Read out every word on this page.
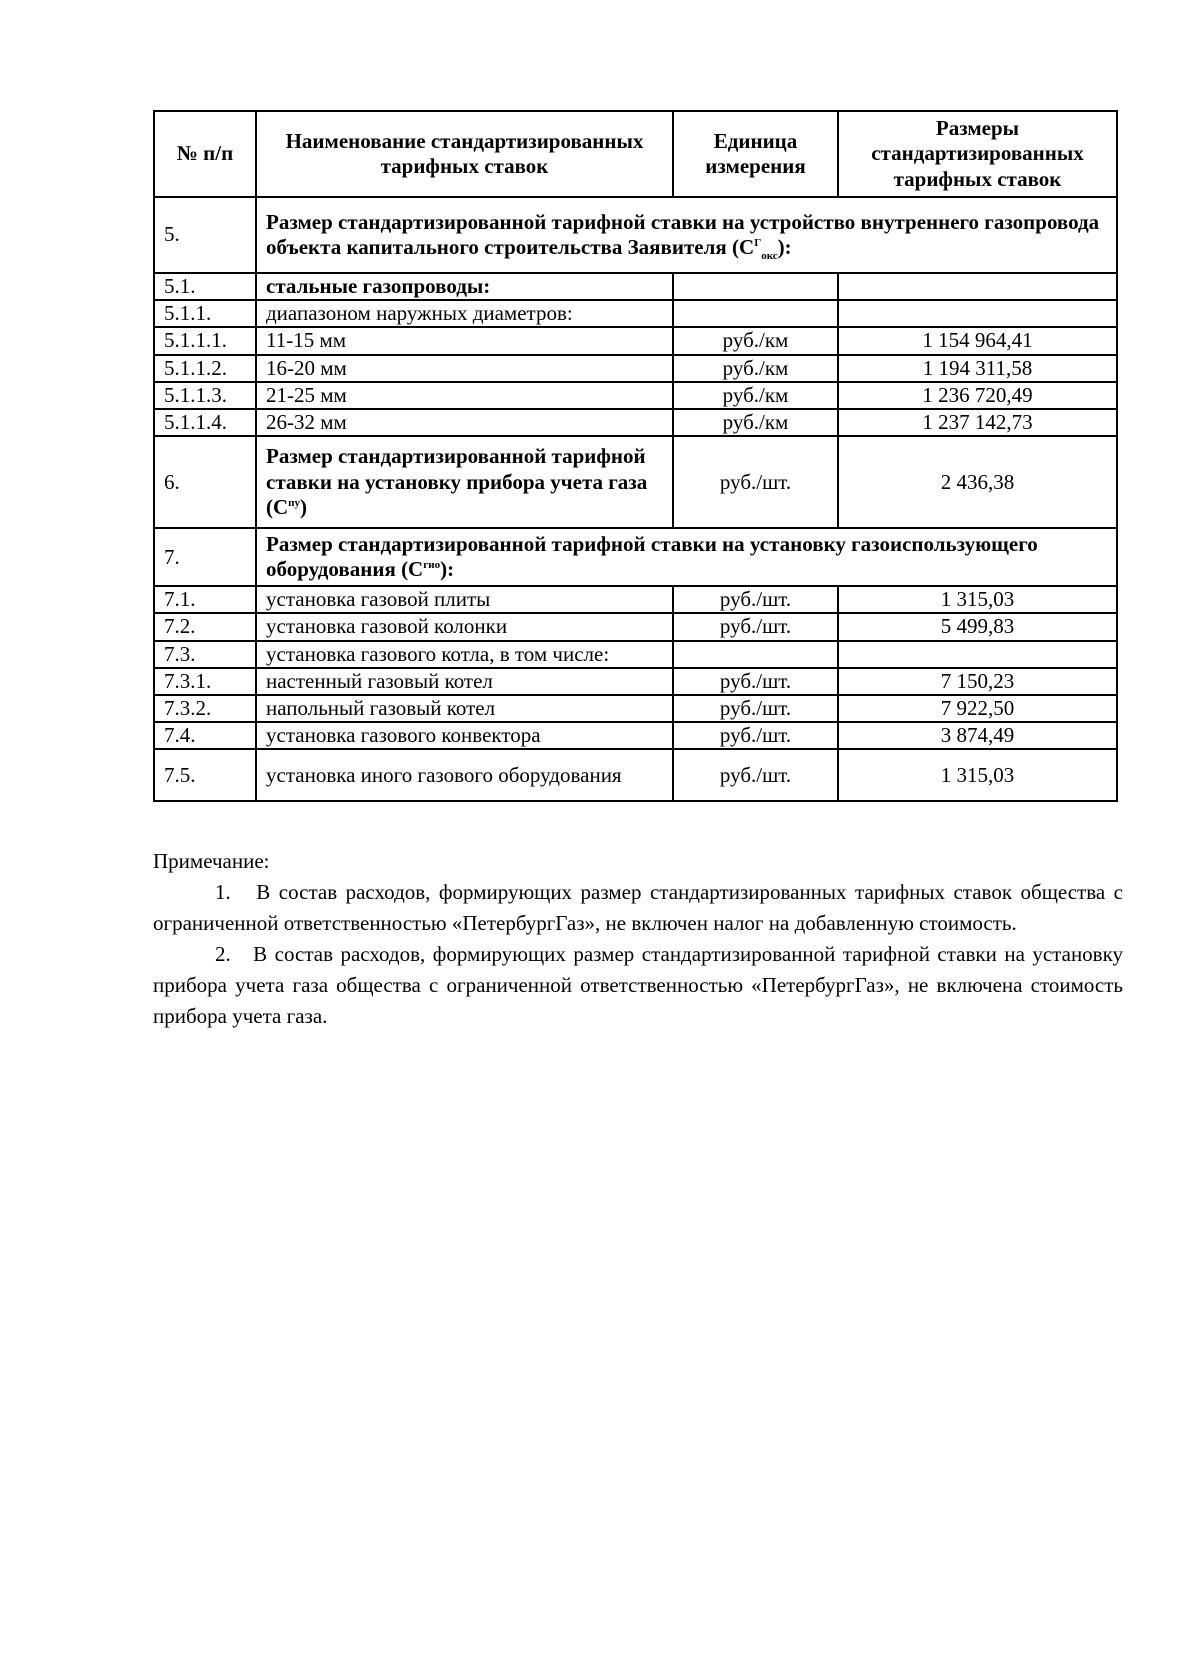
№ п/п	Наименование стандартизированных тарифных ставок	Единица измерения	Размеры стандартизированных тарифных ставок
5.	Размер стандартизированной тарифной ставки на устройство внутреннего газопровода объекта капитального строительства Заявителя $(C^Г_{окс})$:		
5.1.	стальные газопроводы:		
5.1.1.	диапазоном наружных диаметров:		
5.1.1.1.	11-15 мм	руб./км	1 154 964,41
5.1.1.2.	16-20 мм	руб./км	1 194 311,58
5.1.1.3.	21-25 мм	руб./км	1 236 720,49
5.1.1.4.	26-32 мм	руб./км	1 237 142,73
6.	Размер стандартизированной тарифной ставки на установку прибора учета газа $(С^{пу})$	руб./шт.	2 436,38
7.	Размер стандартизированной тарифной ставки на установку газоиспользующего оборудования $(С^{гио})$:		
7.1.	установка газовой плиты	руб./шт.	1 315,03
7.2.	установка газовой колонки	руб./шт.	5 499,83
7.3.	установка газового котла, в том числе:		
7.3.1.	настенный газовый котел	руб./шт.	7 150,23
7.3.2.	напольный газовый котел	руб./шт.	7 922,50
7.4.	установка газового конвектора	руб./шт.	3 874,49
7.5.	установка иного газового оборудования	руб./шт.	1 315,03

Примечание:

1. В состав расходов, формирующих размер стандартизированных тарифных ставок общества с ограниченной ответственностью «ПетербургГаз», не включен налог на добавленную стоимость.

2. В состав расходов, формирующих размер стандартизированной тарифной ставки на установку прибора учета газа общества с ограниченной ответственностью «ПетербургГаз», не включена стоимость прибора учета газа.
